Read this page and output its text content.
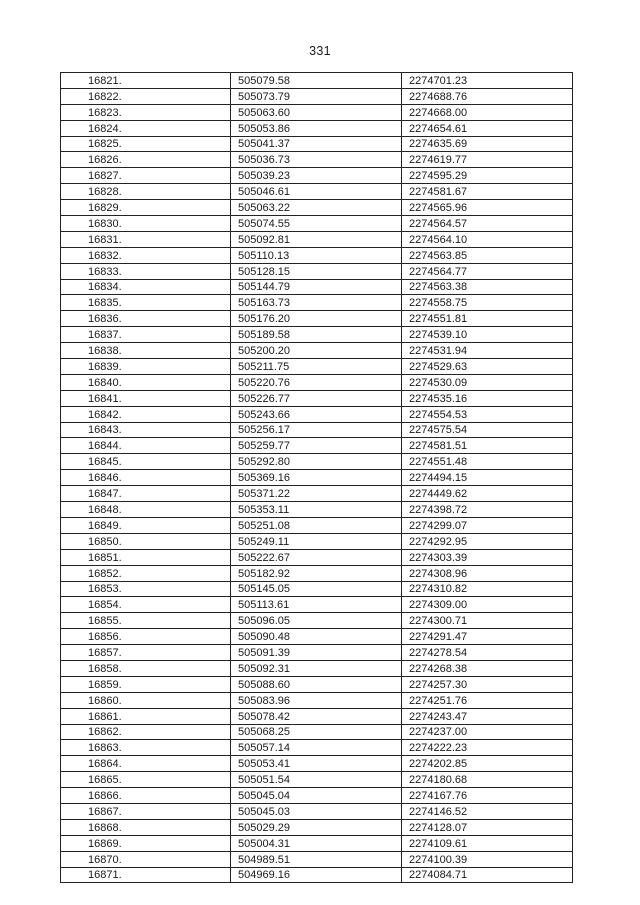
331
16821.	505079.58	2274701.23
16822.	505073.79	2274688.76
16823.	505063.60	2274668.00
16824.	505053.86	2274654.61
16825.	505041.37	2274635.69
16826.	505036.73	2274619.77
16827.	505039.23	2274595.29
16828.	505046.61	2274581.67
16829.	505063.22	2274565.96
16830.	505074.55	2274564.57
16831.	505092.81	2274564.10
16832.	505110.13	2274563.85
16833.	505128.15	2274564.77
16834.	505144.79	2274563.38
16835.	505163.73	2274558.75
16836.	505176.20	2274551.81
16837.	505189.58	2274539.10
16838.	505200.20	2274531.94
16839.	505211.75	2274529.63
16840.	505220.76	2274530.09
16841.	505226.77	2274535.16
16842.	505243.66	2274554.53
16843.	505256.17	2274575.54
16844.	505259.77	2274581.51
16845.	505292.80	2274551.48
16846.	505369.16	2274494.15
16847.	505371.22	2274449.62
16848.	505353.11	2274398.72
16849.	505251.08	2274299.07
16850.	505249.11	2274292.95
16851.	505222.67	2274303.39
16852.	505182.92	2274308.96
16853.	505145.05	2274310.82
16854.	505113.61	2274309.00
16855.	505096.05	2274300.71
16856.	505090.48	2274291.47
16857.	505091.39	2274278.54
16858.	505092.31	2274268.38
16859.	505088.60	2274257.30
16860.	505083.96	2274251.76
16861.	505078.42	2274243.47
16862.	505068.25	2274237.00
16863.	505057.14	2274222.23
16864.	505053.41	2274202.85
16865.	505051.54	2274180.68
16866.	505045.04	2274167.76
16867.	505045.03	2274146.52
16868.	505029.29	2274128.07
16869.	505004.31	2274109.61
16870.	504989.51	2274100.39
16871.	504969.16	2274084.71
